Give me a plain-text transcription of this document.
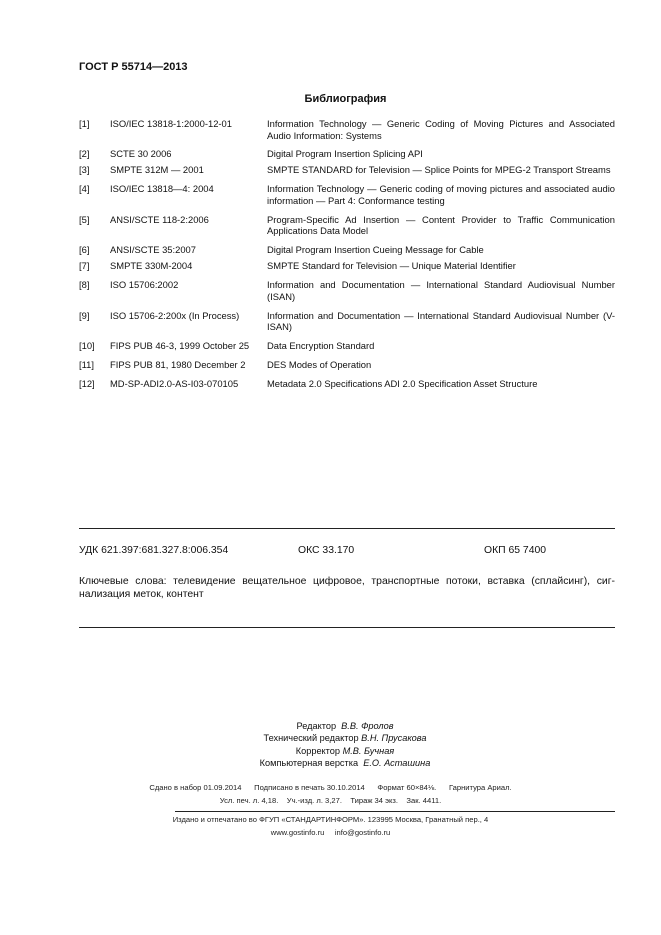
ГОСТ Р 55714—2013
Библиография
[1]	ISO/IEC 13818-1:2000-12-01	Information Technology — Generic Coding of Moving Pictures and Associated Audio Information: Systems
[2]	SCTE 30 2006	Digital Program Insertion Splicing API
[3]	SMPTE 312M — 2001	SMPTE STANDARD for Television — Splice Points for MPEG-2 Transport Streams
[4]	ISO/IEC 13818—4: 2004	Information Technology — Generic coding of moving pictures and associated audio information — Part 4: Conformance testing
[5]	ANSI/SCTE 118-2:2006	Program-Specific Ad Insertion — Content Provider to Traffic Communication Applications Data Model
[6]	ANSI/SCTE 35:2007	Digital Program Insertion Cueing Message for Cable
[7]	SMPTE 330M-2004	SMPTE Standard for Television — Unique Material Identifier
[8]	ISO 15706:2002	Information and Documentation — International Standard Audiovisual Number (ISAN)
[9]	ISO 15706-2:200x (In Process)	Information and Documentation — International Standard Audiovisual Number (V-ISAN)
[10]	FIPS PUB 46-3, 1999 October 25	Data Encryption Standard
[11]	FIPS PUB 81, 1980 December 2	DES Modes of Operation
[12]	MD-SP-ADI2.0-AS-I03-070105	Metadata 2.0 Specifications ADI 2.0 Specification Asset Structure
УДК 621.397:681.327.8:006.354	ОКС 33.170	ОКП 65 7400
Ключевые слова: телевидение вещательное цифровое, транспортные потоки, вставка (сплайсинг), сиг-нализация меток, контент
Редактор В.В. Фролов
Технический редактор В.Н. Прусакова
Корректор М.В. Бучная
Компьютерная верстка Е.О. Асташина
Сдано в набор 01.09.2014      Подписано в печать 30.10.2014      Формат 60×84⅛.      Гарнитура Ариал.
Усл. печ. л. 4,18.    Уч.-изд. л. 3,27.    Тираж 34 экз.    Зак. 4411.
Издано и отпечатано во ФГУП «СТАНДАРТИНФОРМ». 123995 Москва, Гранатный пер., 4
www.gostinfo.ru     info@gostinfo.ru
